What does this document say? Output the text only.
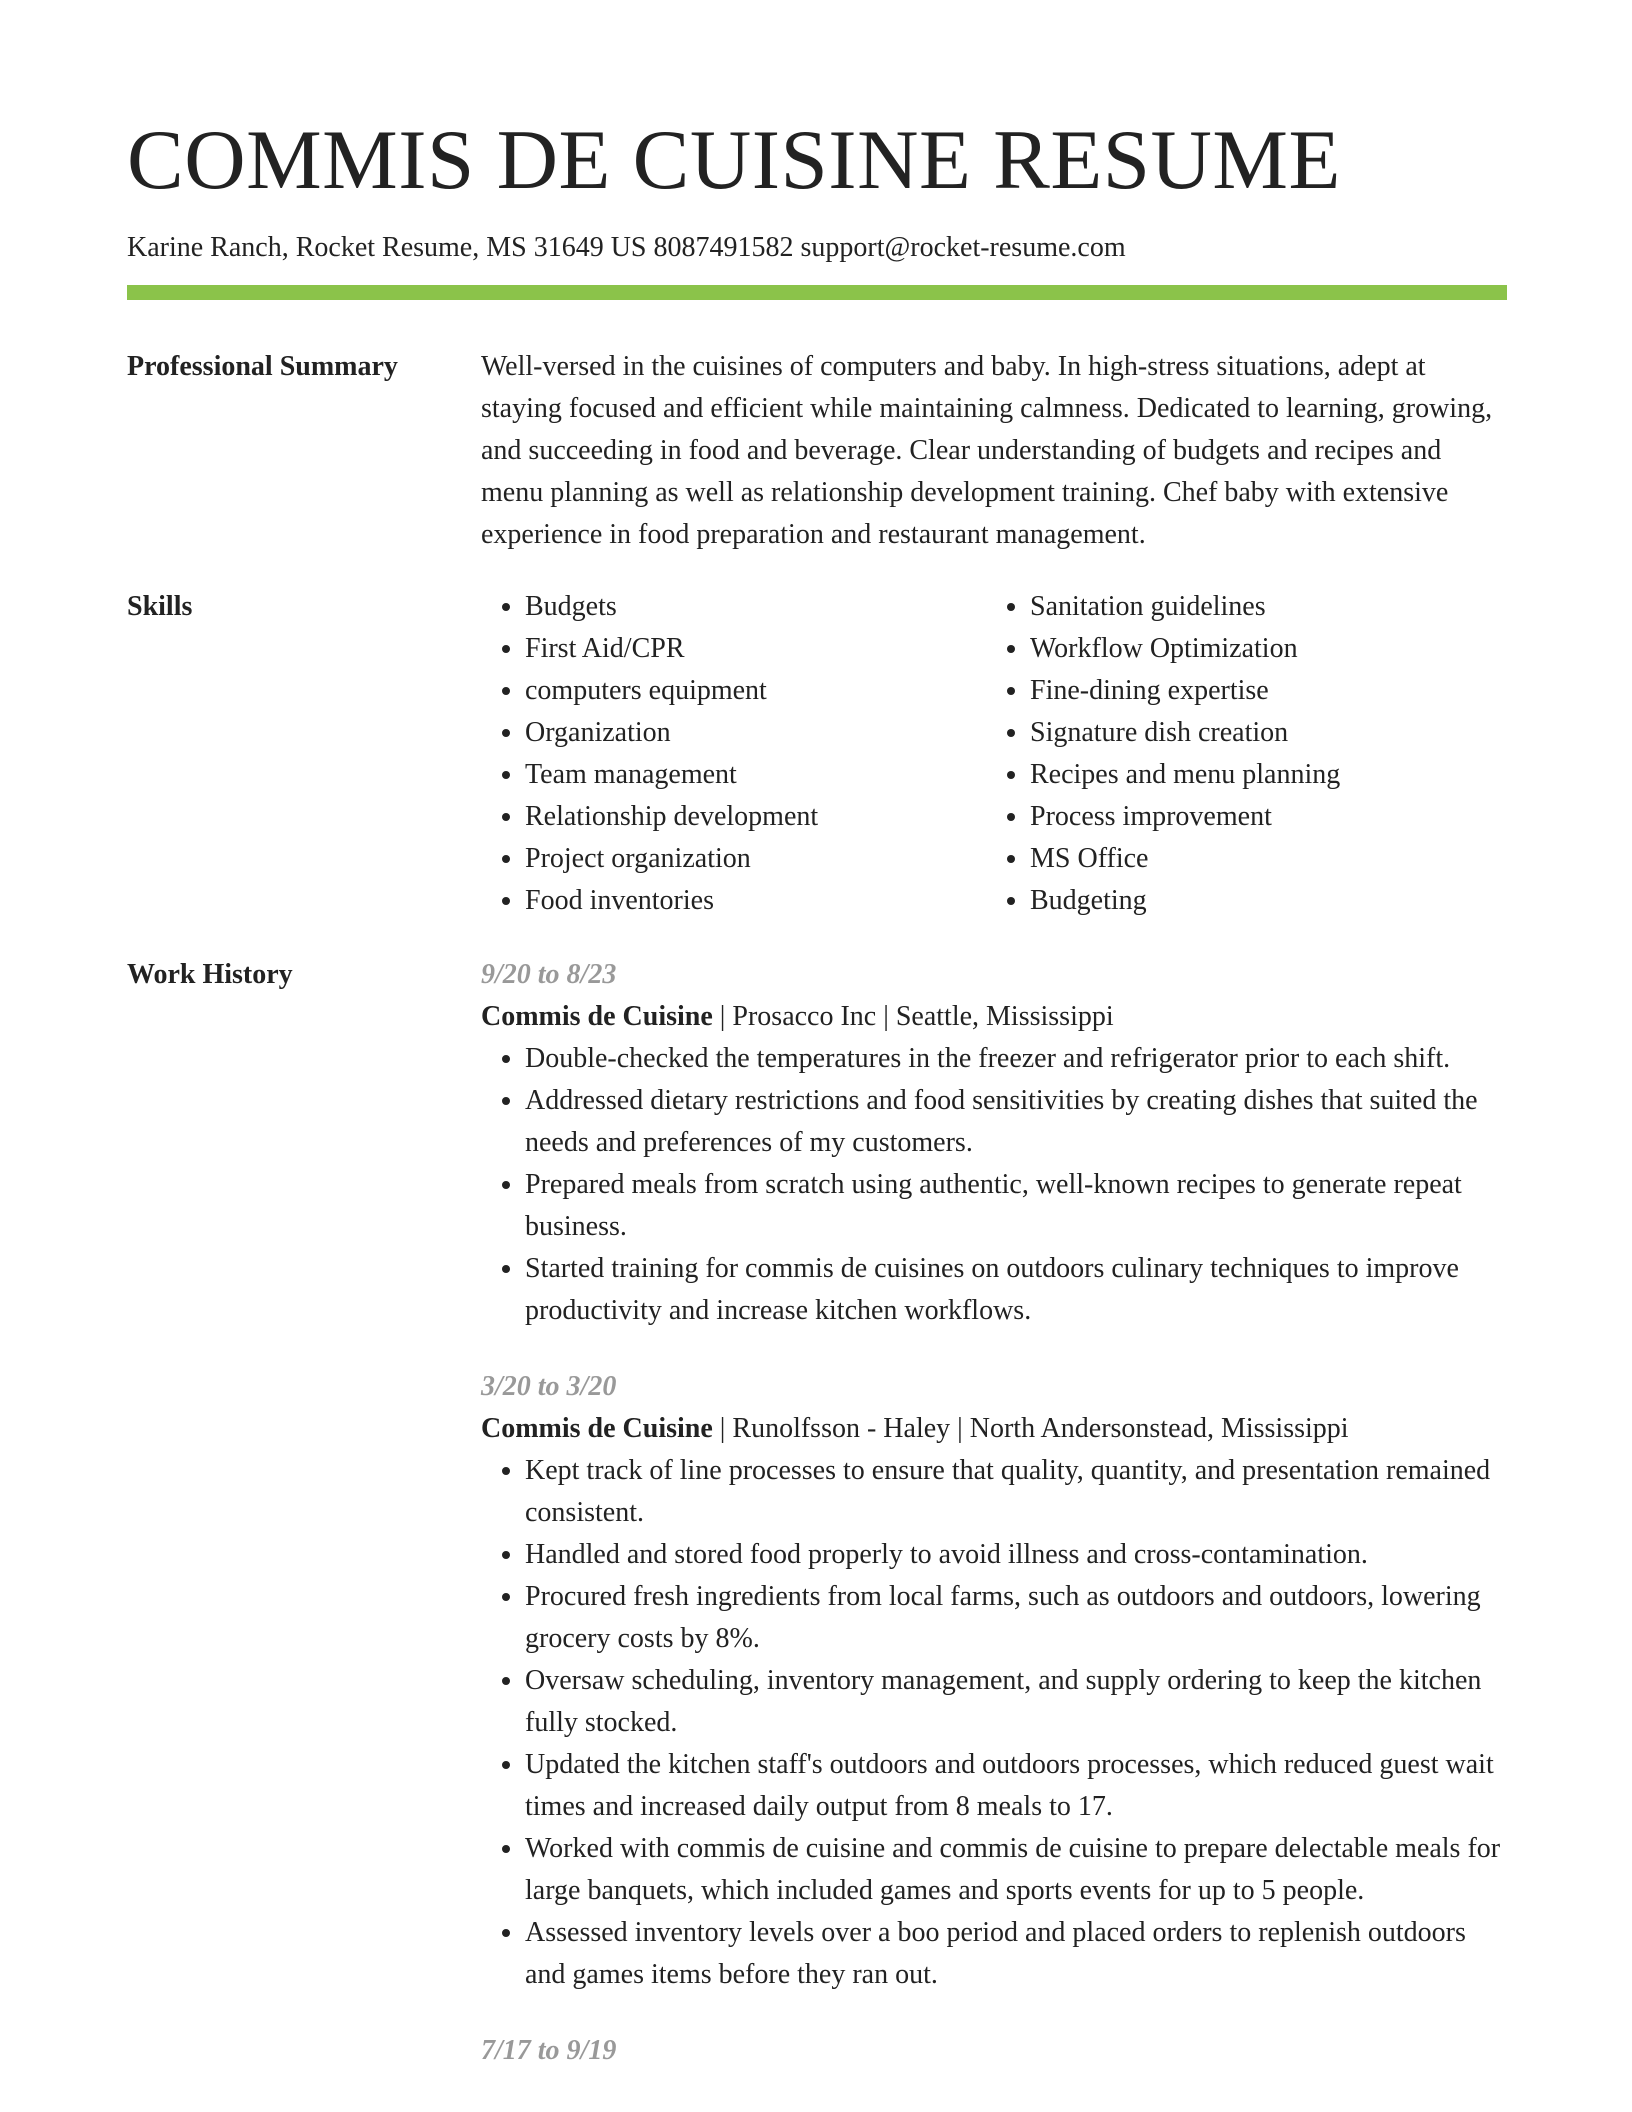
COMMIS DE CUISINE RESUME
Karine Ranch, Rocket Resume, MS 31649 US 8087491582 support@rocket-resume.com
Professional Summary	Well-versed in the cuisines of computers and baby. In high-stress situations, adept at staying focused and efficient while maintaining calmness. Dedicated to learning, growing, and succeeding in food and beverage. Clear understanding of budgets and recipes and menu planning as well as relationship development training. Chef baby with extensive experience in food preparation and restaurant management.

Skills
•	Budgets
• First Aid/CPR
• computers equipment
• Organization
• Team management
• Relationship development
• Project organization
• Food inventories
• Sanitation guidelines
• Workflow Optimization
• Fine-dining expertise
• Signature dish creation
• Recipes and menu planning
• Process improvement
• MS Office
• Budgeting
Work History	9/20 to 8/23
Commis de Cuisine | Prosacco Inc | Seattle, Mississippi
• Double-checked the temperatures in the freezer and refrigerator prior to each shift.
• Addressed dietary restrictions and food sensitivities by creating dishes that suited the needs and preferences of my customers.
• Prepared meals from scratch using authentic, well-known recipes to generate repeat business.
• Started training for commis de cuisines on outdoors culinary techniques to improve productivity and increase kitchen workflows.
3/20 to 3/20
Commis de Cuisine | Runolfsson - Haley | North Andersonstead, Mississippi
• Kept track of line processes to ensure that quality, quantity, and presentation remained consistent.
• Handled and stored food properly to avoid illness and cross-contamination.
• Procured fresh ingredients from local farms, such as outdoors and outdoors, lowering grocery costs by 8%.
• Oversaw scheduling, inventory management, and supply ordering to keep the kitchen fully stocked.
• Updated the kitchen staff's outdoors and outdoors processes, which reduced guest wait times and increased daily output from 8 meals to 17.
• Worked with commis de cuisine and commis de cuisine to prepare delectable meals for large banquets, which included games and sports events for up to 5 people.
• Assessed inventory levels over a boo period and placed orders to replenish outdoors and games items before they ran out.
7/17 to 9/19
